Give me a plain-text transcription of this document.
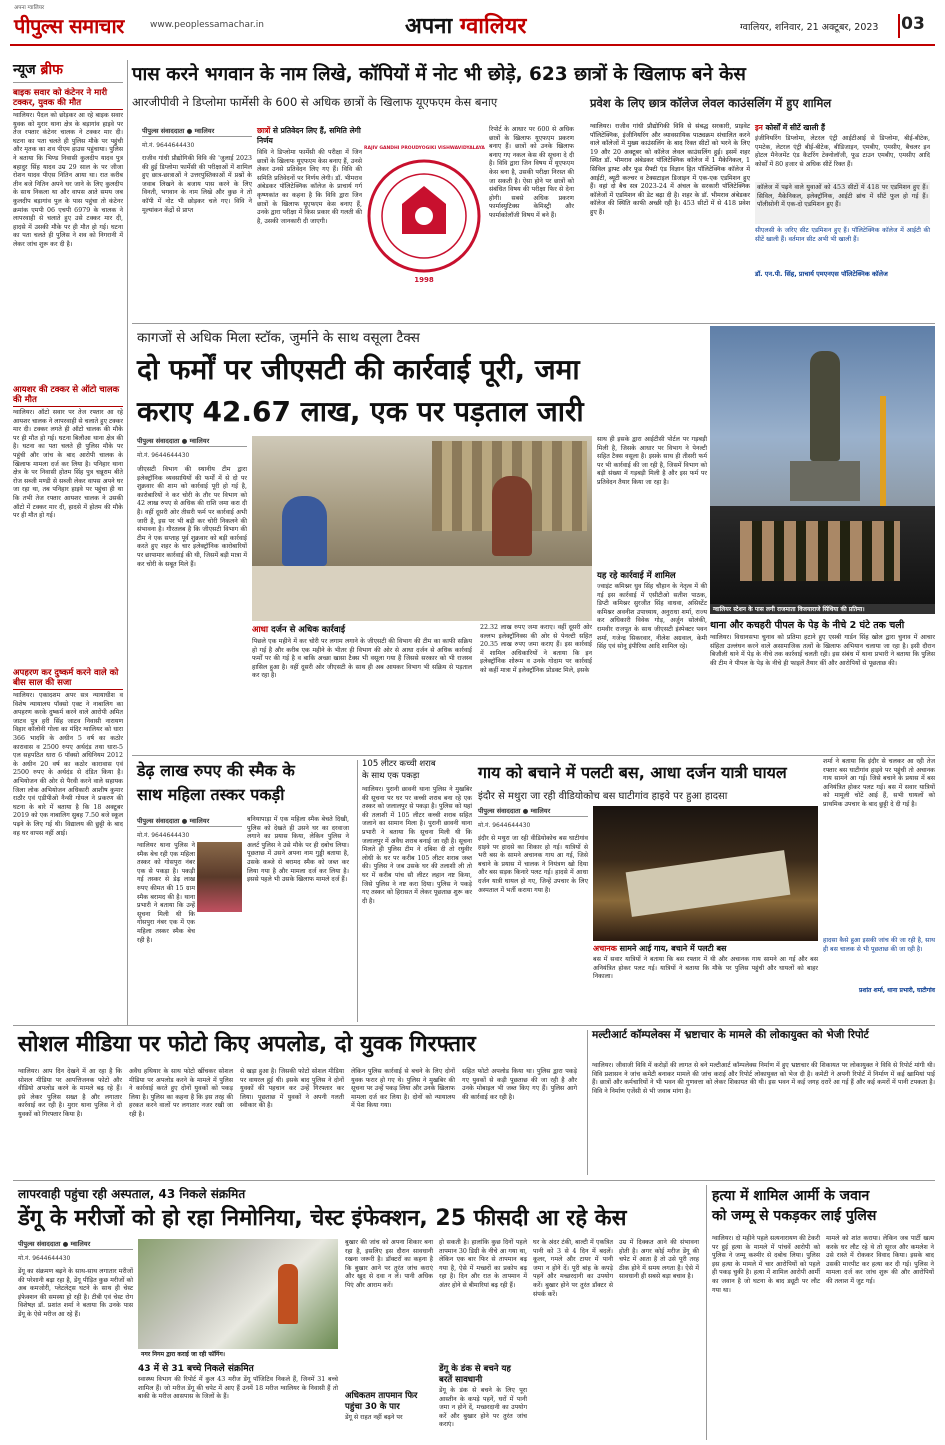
अपना ग्वालियर
पीपुल्स समाचार	www.peoplessamachar.in	अपना ग्वालियर	ग्वालियर, शनिवार, 21 अक्टूबर, 2023 03
न्यूज ब्रीफ
बाइक सवार को कंटेनर ने मारी टक्कर, युवक की मौत
ग्वालियर। पैदल को छोड़कर आ रहे बाइक सवार युवक को मुरार थाना क्षेत्र के बड़ागांव हाइवे पर तेज रफ्तार कंटेनर चालक ने टक्कर मार दी। घटना का पता चलते ही पुलिस मौके पर पहुंची और मृतक का शव पीएम हाउस पहुंचाया। पुलिस ने बताया कि भिण्ड निवासी कुलदीप यादव पुत्र बहादुर सिंह यादव उम्र 29 साल के पर जीजा रोशन यादव पीएस नितिन आया था। रात करीब तीन बजे नितिन अपने घर जाने के लिए कुलदीप के साथ निकला था और वापस आते समय जब कुलदीप बड़ागांव पुल के पास पहुंचा तो कंटेनर क्रमांक एमपी 06 एचपी 6979 के चालक ने लापरवाही से चलाते हुए उसे टक्कर मार दी, हादसे में उसकी मौके पर ही मौत हो गई। घटना का पता चलते ही पुलिस ने शव को निगरानी में लेकर जांच शुरू कर दी है।
आयशर की टक्कर से ऑटो चालक की मौत
ग्वालियर। ऑटो सवार पर तेज रफ्तार आ रहे आयशर चालक ने लापरवाही से चलाते हुए टक्कर मार दी। टक्कर लगते ही ऑटो चालक की मौके पर ही मौत हो गई। घटना बिलौआ थाना क्षेत्र की है। घटना का पता चलते ही पुलिस मौके पर पहुंची और जांच के बाद आरोपी चालक के खिलाफ मामला दर्ज कर लिया है। पनिहार थाना क्षेत्र के पर निवासी होतम सिंह पुत्र चन्नूराम बीते रोज सब्जी मण्डी से सब्जी लेकर वापस अपने घर जा रहा था, तब पनिहार हाइवे पर पहुंचा ही था कि तभी तेज रफ्तार आयशर चालक ने उसकी ऑटो में टक्कर मार दी, हादसे में होतम की मौके पर ही मौत हो गई।
अपहरण कर दुष्कर्म करने वाले को बीस साल की सजा
ग्वालियर। एकादशम अपर सत्र न्यायाधीश व विशेष न्यायालय पॉक्सो एक्ट ने नाबालिग का अपहरण करके दुष्कर्म करने वाले आरोपी अमित जाटव पुत्र हरी सिंह जाटव निवासी नारायण विहार कॉलोनी गोला का मंदिर ग्वालियर को धारा 366 भादवि के अधीन 5 वर्ष का कठोर कारावास व 2500 रुपए अर्थदंड तथा धारा-5 एल सहपठित धारा 6 पॉक्सो अधिनियम 2012 के अधीन 20 वर्ष का कठोर कारावास एवं 2500 रुपए के अर्थदंड से दंडित किया है। अभियोजन की ओर से पैरवी करने वाले सहायक जिला लोक अभियोजन अधिकारी आशीष कुमार राठौर एवं एडीपीओ नैन्सी गोयल ने प्रकरण की घटना के बारे में बताया है कि 18 अक्टूबर 2019 को एक नाबालिग सुबह 7.50 बजे स्कूल पढ़ने के लिए गई थी। विद्यालय की छुट्टी के बाद वह घर वापस नहीं आई।
पास करने भगवान के नाम लिखे, कॉपियों में नोट भी छोड़े, 623 छात्रों के खिलाफ बने केस
आरजीपीवी ने डिप्लोमा फार्मेसी के 600 से अधिक छात्रों के खिलाफ यूएफएम केस बनाए
पीपुल्स संवाददाता ● ग्वालियर
मो.नं. 9644644430
राजीव गांधी प्रौद्योगिकी विवि की 'जुलाई 2023 की हुई डिप्लोमा फार्मेसी की परीक्षाओं में शामिल हुए छात्र-छात्राओं ने उत्तरपुस्तिकाओं में प्रश्नों के जवाब लिखने के बजाय पास करने के लिए विनती, भगवान के नाम लिखे और कुछ ने तो कॉपी में नोट भी छोड़कर चले गए। विवि ने मूल्यांकन केंद्रों से प्राप्त
छात्रों से प्रतिवेदन लिए हैं, समिति लेगी निर्णय
विवि ने डिप्लोमा फार्मेसी की परीक्षा में जिन छात्रों के खिलाफ यूएफएम केस बनाए हैं, उनसे लेकर उनसे प्रतिवेदन लिए गए हैं। विवि की समिति प्रतिवेदनों पर निर्णय लेगी। डॉ. भीमराव अंबेडकर पॉलिटेक्निक कॉलेज के प्राचार्य गर्ग कृष्णकांत का कहना है कि विवि द्वारा जिन छात्रों के खिलाफ यूएफएम केस बनाए हैं, उनके द्वारा परीक्षा में किस प्रकार की गलती की है, उसकी जानकारी दी जाएगी।
RAJIV GANDHI PROUDYOGIKI VISHWAVIDYALAYA
1998
रिपोर्ट के आधार पर 600 से अधिक छात्रों के खिलाफ यूएफएम प्रकरण बनाए हैं। छात्रों को उनके खिलाफ बनाए गए नकल केस की सूचना दे दी है। विवि द्वारा जिन विषय में यूएफएम केस बना है, उसकी परीक्षा निरस्त की जा सकती है। ऐसा होने पर छात्रों को संबंधित विषय की परीक्षा फिर से देना होगी। सबसे अधिक प्रकरण फार्मास्युटिक्स केमिस्ट्री और फार्माकोलॉजी विषय में बने हैं।
प्रवेश के लिए छात्र कॉलेज लेवल काउंसलिंग में हुए शामिल
ग्वालियर। राजीव गांधी प्रौद्योगिकी विवि से संबद्ध सरकारी, प्राइवेट पॉलिटेक्निक, इंजीनियरिंग और व्यावसायिक पाठ्यक्रम संचालित करने वाले कॉलेजों में मुख्य काउंसलिंग के बाद रिक्त सीटों को भरने के लिए 19 और 20 अक्टूबर को कॉलेज लेवल काउंसलिंग हुई। इसमें शहर स्थित डॉ. भीमराव अंबेडकर पॉलिटेक्निक कॉलेज में 1 मैकेनिकल, 1 सिविल ड्राफ्ट और फूड सैफ्टी एंड विज्ञान हित पॉलिटेक्निक कॉलेज में आईटी, ब्यूटी कल्चर व टेक्सटाइल डिजाइन में एक-एक एडमिशन हुए हैं। वहां दो बैच सत्र 2023-24 में अंचल के सरकारी पॉलिटेक्निक कॉलेजों में एडमिशन की डेट बढ़ा दी है। शहर के डॉ. भीमराव अंबेडकर कॉलेज की स्थिति काफी अच्छी रही है। 453 सीटों में से 418 प्रवेश हुए हैं।
इन कोर्सों में सीटें खाली हैं
इंजीनियरिंग डिप्लोमा, लेटरल एंट्री आईटीआई से डिप्लोमा, बीई-बीटेक, एमटेक, लेटरल एंट्री बीई-बीटेक, बीडिजाइन, एमबीए, एमसीए, बैचलर इन होटल मैनेजमेंट एंड कैटरिंग टेक्नोलॉजी, फूड टाउन एमबीए, एमसीए आदि कोर्सों में 80 हजार से अधिक सीटें रिक्त हैं।
कॉलेज में पढ़ने वाले युवाओं को 453 सीटों में 418 पर एडमिशन हुए हैं। सिविल, मैकेनिकल, इलेक्ट्रॉनिक, आईटी ब्रांच में सीटें फुल हो गई हैं। पॉलीसोनी में एक-दो एडमिशन हुए हैं।
सीएलसी के जरिए सीट एडमिशन हुए हैं। पॉलिटेक्निक कॉलेज में आईटी की सीटें खाली हैं। वर्तमान सीट अभी भी खाली हैं।
डॉ. एन.पी. सिंह, प्राचार्य एमएनएस पॉलिटेक्निक कॉलेज
कागजों से अधिक मिला स्टॉक, जुर्माने के साथ वसूला टैक्स
दो फर्मों पर जीएसटी की कार्रवाई पूरी, जमा
कराए 42.67 लाख, एक पर पड़ताल जारी
पीपुल्स संवाददाता ● ग्वालियर
मो.नं. 9644644430
जीएसटी विभाग की स्थानीय टीम द्वारा इलेक्ट्रॉनिक व्यवसायियों की फर्मों में से दो पर शुक्रवार की शाम को कार्रवाई पूरी हो गई है, कारोबारियों ने कर चोरी के तौर पर विभाग को 42 लाख रुपए से अधिक की राशि जमा करा दी है। वहीं दूसरी ओर तीसरी फर्म पर कार्रवाई अभी जारी है, इस पर भी बड़ी कर चोरी निकलने की संभावना है। गौरतलब है कि जीएसटी विभाग की टीम ने एक सप्ताह पूर्व शुक्रवार को बड़ी कार्रवाई करते हुए शहर के चार इलेक्ट्रॉनिक कारोबारियों पर छापामार कार्रवाई की थी, जिसमें बड़ी मात्रा में कर चोरी के सबूत मिले हैं।
साथ ही इसके द्वारा आईटीसी पोर्टल पर गड़बड़ी मिली है, जिसके आधार पर विभाग ने पेनल्टी सहित टैक्स वसूला है। इसके साथ ही तीसरी फर्म पर भी कार्रवाई की जा रही है, जिसमें विभाग को बड़ी संख्या में गड़बड़ी मिली है और इस फर्म पर प्रतिवेदन तैयार किया जा रहा है।
यह रहे कार्रवाई में शामिल
ज्वाइंट कमिश्नर धुव सिंह चौहान के नेतृत्व में की गई इस कार्रवाई में एसीटीओ सतीश पाठक, डिप्टी कमिश्नर सुरजीत सिंह वाधवा, असिस्टेंट कमिश्नर अवनीश उपाध्याय, अनुराधा शर्मा, राज्य कर अधिकारी विवेक गोड़, अर्जुन सोलंकी, रामवीर राजपूत के साथ जीएसटी इंस्पेक्टर पवन शर्मा, गजेन्द्र सिकरवार, नीलेश अग्रवाल, केमी सिंह एवं सोनू इंपीरिया आदि शामिल रहे।
आधा दर्जन से अधिक कार्रवाई
पिछले एक महीने में कर चोरी पर लगाम लगाने के जीएसटी की विभाग की टीम का काफी सक्रिय हो गई है और करीब एक महीने के भीतर ही विभाग की ओर से आधा दर्जन से अधिक कार्रवाई फर्मों पर की गई है व बाकि अच्छा खासा टैक्स भी वसूला गया है जिससे सरकार को भी राजस्व हासिल हुआ है। वहीं दूसरी ओर जीएसटी के साथ ही अब आयकर विभाग भी सक्रिय से पड़ताल कर रहा है।
22.32 लाख रुपए जमा कराए। वहीं दूसरी ओर वल्लभ इलेक्ट्रॉनिक्स की ओर से पेनल्टी सहित 20.35 लाख रुपए जमा कराए हैं। इस कार्रवाई में शामिल अधिकारियों ने बताया कि इन इलेक्ट्रॉनिक शोरूम व उनके गोदाम पर कार्रवाई को कहीं मात्रा में इलेक्ट्रॉनिक प्रोडक्ट मिले, इसके
ग्वालियर स्टेशन के पास लगी राजमाता विजयाराजे सिंधिया की प्रतिमा।
थाना और कचहरी पीपल के पेड़ के नीचे 2 घंटे तक चली
ग्वालियर। विधानसभा चुनाव को प्रतिमा हटाने हुए एसबी गार्डन सिंह खोल द्वारा चुनाव में आचार संहिता उल्लंघन करने वाले असामाजिक तत्वों के खिलाफ अभियान चलाया जा रहा है। इसी दौरान बिजौली थाने में पेड़ के नीचे तक कार्रवाई चलती रही। इस संबंध में थाना प्रभारी ने बताया कि पुलिस की टीम ने पीपल के पेड़ के नीचे ही फाइलें तैयार कीं और आरोपियों से पूछताछ की।
डेढ़ लाख रुपए की स्मैक के
साथ महिला तस्कर पकड़ी
पीपुल्स संवाददाता ● ग्वालियर
मो.नं. 9644644430
ग्वालियर थाना पुलिस ने स्मैक बेच रही एक महिला तस्कर को गोसपुरा नंबर एक से पकड़ा है। पकड़ी गई तस्कर से डेढ़ लाख रुपए कीमत की 15 ग्राम स्मैक बरामद की है। थाना प्रभारी ने बताया कि उन्हें सूचना मिली थी कि गोसपुरा नंबर एक में एक महिला तस्कर स्मैक बेच रही है।
बनियापाड़ा में एक महिला स्मैक बेचते दिखी, पुलिस को देखते ही उसने घर का दरवाजा लगाने का प्रयास किया, लेकिन पुलिस ने अलर्ट पुलिस ने उसे मौके पर ही दबोच लिया। पूछताछ में उसने अपना नाम गुड्डी बताया है, उसके कब्जे से बरामद स्मैक को जब्त कर लिया गया है और मामला दर्ज कर लिया है। इससे पहले भी उसके खिलाफ मामले दर्ज हैं।
105 लीटर कच्ची शराब
के साथ एक पकड़ा
ग्वालियर। पुरानी छावनी थाना पुलिस ने मुखबिर की सूचना पर घर पर कच्ची शराब बना रहे एक तस्कर को जलालपुर से पकड़ा है। पुलिस को यहां की तलाशी में 105 लीटर कच्ची शराब सहित जलाने का सामान मिला है। पुरानी छावनी थाना प्रभारी ने बताया कि सूचना मिली थी कि जलालपुर में अवैध शराब बनाई जा रही है। सूचना मिलते ही पुलिस टीम ने दबिश दी तो रघुवीर लोधी के घर पर करीब 105 लीटर शराब जब्त की। पुलिस ने जब उसके घर की तलाशी ली तो घर में करीब पांच सौ लीटर लहान नष्ट किया, जिसे पुलिस ने नष्ट करा दिया। पुलिस ने पकड़े गए तस्कर को हिरासत में लेकर पूछताछ शुरू कर दी है।
गाय को बचाने में पलटी बस, आधा दर्जन यात्री घायल
इंदौर से मथुरा जा रही वीडियोकोच बस घाटीगांव हाइवे पर हुआ हादसा
पीपुल्स संवाददाता ● ग्वालियर
मो.नं. 9644644430
इंदौर से मथुरा जा रही वीडियोकोच बस घाटीगांव हाइवे पर हादसे का शिकार हो गई। यात्रियों से भरी बस के सामने अचानक गाय आ गई, जिसे बचाने के प्रयास में चालक ने नियंत्रण खो दिया और बस सड़क किनारे पलट गई। हादसे में आधा दर्जन यात्री घायल हो गए, जिन्हें उपचार के लिए अस्पताल में भर्ती कराया गया है।
अचानक सामने आई गाय, बचाने में पलटी बस
बस में सवार यात्रियों ने बताया कि बस रफ्तार में थी और अचानक गाय सामने आ गई और बस अनियंत्रित होकर पलट गई। यात्रियों ने बताया कि मौके पर पुलिस पहुंची और घायलों को बाहर निकाला।
शर्मा ने बताया कि इंदौर से चलकर आ रही तेज रफ्तार बस घाटीगांव हाइवे पर पहुंची तो अचानक गाय सामने आ गई। जिसे बचाने के प्रयास में बस अनियंत्रित होकर पलट गई। बस में सवार यात्रियों को मामूली चोटें आई हैं, सभी घायलों को प्राथमिक उपचार के बाद छुट्टी दे दी गई है।
हादसा कैसे हुआ इसकी जांच की जा रही है, साथ ही बस चालक से भी पूछताछ की जा रही है।
प्रशांत शर्मा, थाना प्रभारी, घाटीगांव
सोशल मीडिया पर फोटो किए अपलोड, दो युवक गिरफ्तार
ग्वालियर। आप दिन देखने में आ रहा है कि सोशल मीडिया पर आपत्तिजनक फोटो और वीडियो अपलोड करने के मामले बढ़ रहे हैं। इसे लेकर पुलिस सख्त है और लगातार कार्रवाई कर रही है। मुरार थाना पुलिस ने दो युवकों को गिरफ्तार किया है।
अवैध हथियार के साथ फोटो खींचकर सोशल मीडिया पर अपलोड करने के मामले में पुलिस ने कार्रवाई करते हुए दोनों युवकों को पकड़ लिया है। पुलिस का कहना है कि इस तरह की हरकत करने वालों पर लगातार नजर रखी जा रही है।
से खड़ा हुआ है। जिसकी फोटो सोशल मीडिया पर वायरल हुई थी। इसके बाद पुलिस ने दोनों युवकों की पहचान कर उन्हें गिरफ्तार कर लिया। पूछताछ में युवकों ने अपनी गलती स्वीकार की है।
लेकिन पुलिस कार्रवाई से बचने के लिए दोनों युवक फरार हो गए थे। पुलिस ने मुखबिर की सूचना पर उन्हें पकड़ लिया और उनके खिलाफ मामला दर्ज कर लिया है। दोनों को न्यायालय में पेश किया गया।
सहित फोटो अपलोड किया था। पुलिस द्वारा पकड़े गए युवकों से कड़ी पूछताछ की जा रही है और उनके मोबाइल भी जब्त किए गए हैं। पुलिस आगे की कार्रवाई कर रही है।
मल्टीआर्ट कॉम्पलेक्स में भ्रष्टाचार के मामले की लोकायुक्त को भेजी रिपोर्ट
ग्वालियर। जीवाजी विवि में करोड़ों की लागत से बने मल्टीआर्ट कॉम्पलेक्स निर्माण में हुए भ्रष्टाचार की शिकायत पर लोकायुक्त ने विवि से रिपोर्ट मांगी थी। विवि प्रशासन ने जांच कमेटी बनाकर मामले की जांच कराई और रिपोर्ट लोकायुक्त को भेज दी है। कमेटी ने अपनी रिपोर्ट में निर्माण में कई खामियां पाई हैं। छात्रों और कर्मचारियों ने भी भवन की गुणवत्ता को लेकर शिकायत की थी। इस भवन में कई जगह दरारें आ गई हैं और कई कमरों में पानी टपकता है। विवि ने निर्माण एजेंसी से भी जवाब मांगा है।
लापरवाही पहुंचा रही अस्पताल, 43 निकले संक्रमित
डेंगू के मरीजों को हो रहा निमोनिया, चेस्ट इंफेक्शन, 25 फीसदी आ रहे केस
पीपुल्स संवाददाता ● ग्वालियर
मो.नं. 9644644430
डेंगू का संक्रमण बढ़ने के साथ-साथ लगातार मरीजों की परेशानी बढ़ा रहा है, डेंगू पीड़ित कुछ मरीजों को अब कमजोरी, प्लेटलेट्स घटने के साथ ही चेस्ट इंफेक्शन की समस्या हो रही है। टीबी एवं चेस्ट रोग विशेषज्ञ डॉ. प्रशांत शर्मा ने बताया कि उनके पास डेंगू के ऐसे मरीज आ रहे हैं।
नगर निगम द्वारा कराई जा रही फॉगिंग।
43 में से 31 बच्चे निकले संक्रमित
स्वास्थ्य विभाग की रिपोर्ट में कुल 43 मरीज डेंगू पॉजिटिव निकले हैं, जिनमें 31 बच्चे शामिल हैं। जो मरीज डेंगू की चपेट में आए हैं उनमें 18 मरीज ग्वालियर के निवासी हैं तो बाकी के मरीज आसपास के जिलों के हैं।
बुखार की जांच को अपना शिकार बना रहा है, इसलिए इस दौरान सावधानी रखना जरूरी है। डॉक्टरों का कहना है कि बुखार आने पर तुरंत जांच कराएं और खुद से दवा न लें। पानी अधिक पिएं और आराम करें।
अधिकतम तापमान फिर
पहुंचा 30 के पार
डेंगू से राहत नहीं बढ़ने पर
हो सकती है। हालांकि कुछ दिनों पहले तापमान 30 डिग्री के नीचे आ गया था, लेकिन एक बार फिर से तापमान बढ़ गया है, ऐसे में मच्छरों का प्रकोप बढ़ रहा है। दिन और रात के तापमान में अंतर होने से बीमारियां बढ़ रही हैं।
डेंगू के डंक से बचने यह
बरतें सावधानी
डेंगू के डंक से बचने के लिए पूरा आस्तीन के कपड़े पहनें, घरों में पानी जमा न होने दें, मच्छरदानी का उपयोग करें और बुखार होने पर तुरंत जांच कराएं।
घर के अंदर टंकी, बाल्टी में एकत्रित पानी को 3 से 4 दिन में बदलें। कूलर, गमले और टायर में पानी जमा न होने दें। पूरी बांह के कपड़े पहनें और मच्छरदानी का उपयोग करें। बुखार होने पर तुरंत डॉक्टर से संपर्क करें।
उम्र में दिक्कत आने की संभावना होती है। अगर कोई मरीज डेंगू की चपेट में आता है तो उसे पूरी तरह ठीक होने में समय लगता है। ऐसे में सावधानी ही सबसे बड़ा बचाव है।
हत्या में शामिल आर्मी के जवान
को जम्मू से पकड़कर लाई पुलिस
ग्वालियर। दो महीने पहले सत्यनारायण की टेकरी पर हुई हत्या के मामले में पांचवें आरोपी को पुलिस ने जम्मू कश्मीर से दबोच लिया। पुलिस इस हत्या के मामले में चार आरोपियों को पहले ही पकड़ चुकी है। हत्या में शामिल आरोपी आर्मी का जवान है जो घटना के बाद ड्यूटी पर लौट गया था।
मामले को शांत कराया। लेकिन जब पार्टी खत्म करके घर लौट रहे थे तो सूरज और कमलेश ने उसे रास्ते में रोककर विवाद किया। इसके बाद उसकी मारपीट कर हत्या कर दी गई। पुलिस ने मामला दर्ज कर जांच शुरू की और आरोपियों की तलाश में जुट गई।
